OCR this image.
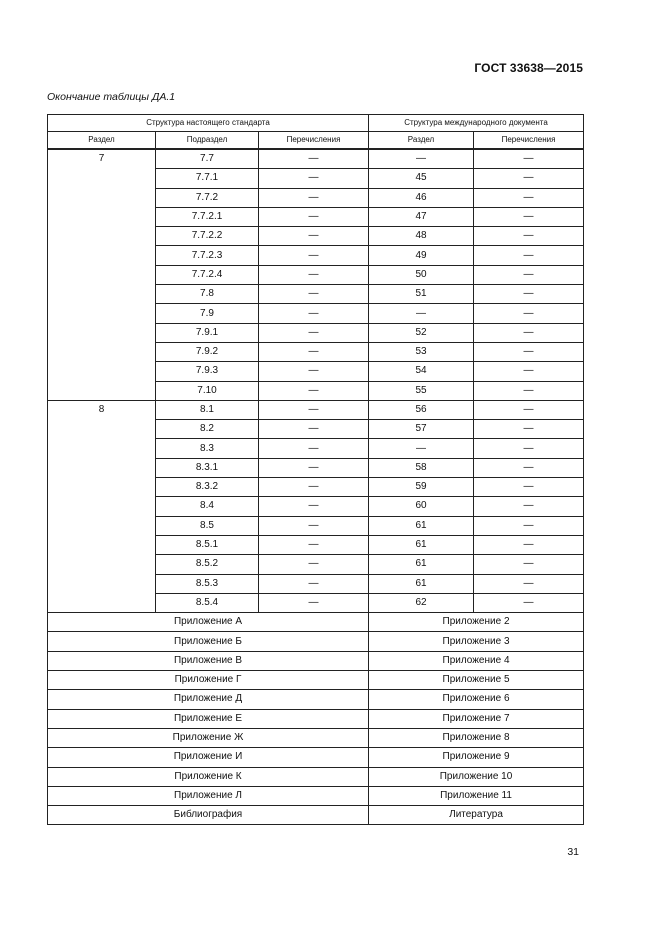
ГОСТ 33638—2015
Окончание таблицы ДА.1
Структура настоящего стандарта			Структура международного документа	
Раздел	Подраздел	Перечисления	Раздел	Перечисления
7	7.7	—	—	—
	7.7.1	—	45	—
	7.7.2	—	46	—
	7.7.2.1	—	47	—
	7.7.2.2	—	48	—
	7.7.2.3	—	49	—
	7.7.2.4	—	50	—
	7.8	—	51	—
	7.9	—	—	—
	7.9.1	—	52	—
	7.9.2	—	53	—
	7.9.3	—	54	—
	7.10	—	55	—
8	8.1	—	56	—
	8.2	—	57	—
	8.3	—	—	—
	8.3.1	—	58	—
	8.3.2	—	59	—
	8.4	—	60	—
	8.5	—	61	—
	8.5.1	—	61	—
	8.5.2	—	61	—
	8.5.3	—	61	—
	8.5.4	—	62	—
Приложение А			Приложение 2	
Приложение Б			Приложение 3	
Приложение В			Приложение 4	
Приложение Г			Приложение 5	
Приложение Д			Приложение 6	
Приложение Е			Приложение 7	
Приложение Ж			Приложение 8	
Приложение И			Приложение 9	
Приложение К			Приложение 10	
Приложение Л			Приложение 11	
Библиография			Литература	
31
